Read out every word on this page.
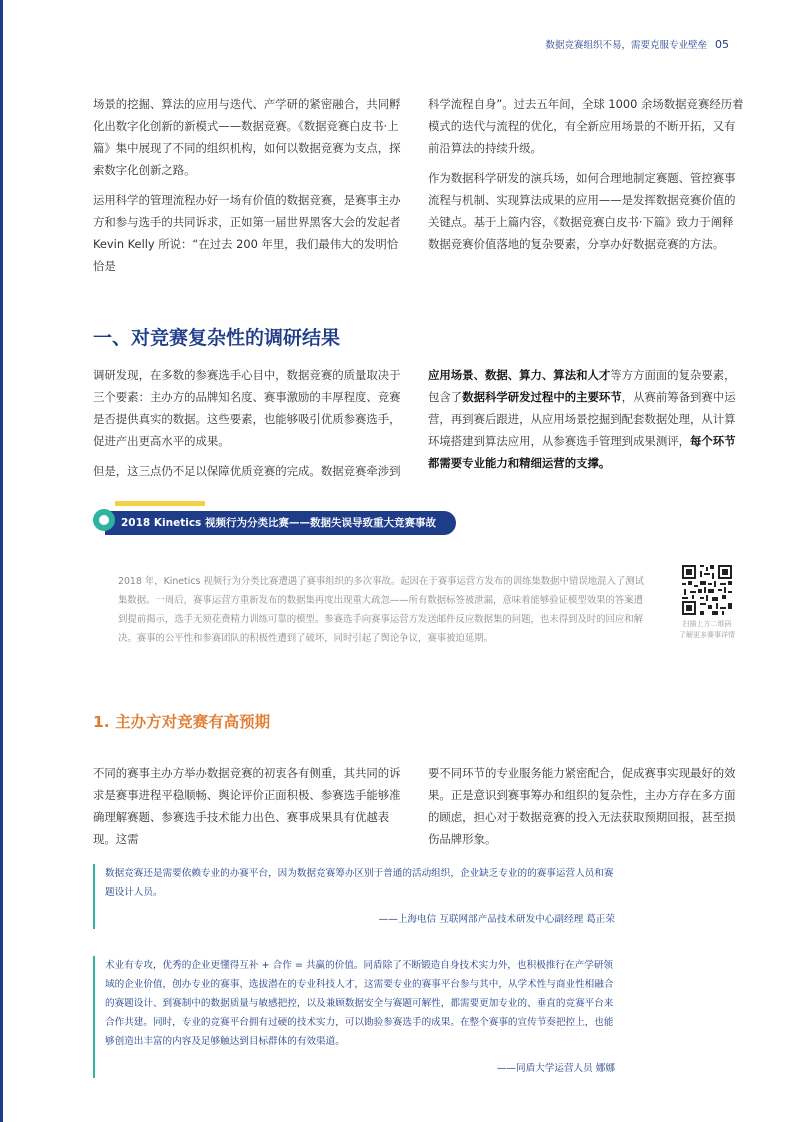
数据竞赛组织不易，需要克服专业壁垒 05

场景的挖掘、算法的应用与迭代、产学研的紧密融合，共同孵化出数字化创新的新模式——数据竞赛。《数据竞赛白皮书·上篇》集中展现了不同的组织机构，如何以数据竞赛为支点，探索数字化创新之路。

运用科学的管理流程办好一场有价值的数据竞赛，是赛事主办方和参与选手的共同诉求，正如第一届世界黑客大会的发起者 Kevin Kelly 所说：“在过去 200 年里，我们最伟大的发明恰恰是

科学流程自身”。过去五年间，全球 1000 余场数据竞赛经历着模式的迭代与流程的优化，有全新应用场景的不断开拓，又有前沿算法的持续升级。

作为数据科学研发的演兵场，如何合理地制定赛题、管控赛事流程与机制、实现算法成果的应用——是发挥数据竞赛价值的关键点。基于上篇内容，《数据竞赛白皮书·下篇》致力于阐释数据竞赛价值落地的复杂要素，分享办好数据竞赛的方法。

一、对竞赛复杂性的调研结果

调研发现，在多数的参赛选手心目中，数据竞赛的质量取决于三个要素：主办方的品牌知名度、赛事激励的丰厚程度、竞赛是否提供真实的数据。这些要素，也能够吸引优质参赛选手，促进产出更高水平的成果。

但是，这三点仍不足以保障优质竞赛的完成。数据竞赛牵涉到

应用场景、数据、算力、算法和人才等方方面面的复杂要素，包含了数据科学研发过程中的主要环节，从赛前筹备到赛中运营，再到赛后跟进，从应用场景挖掘到配套数据处理，从计算环境搭建到算法应用，从参赛选手管理到成果测评，每个环节都需要专业能力和精细运营的支撑。

2018 Kinetics 视频行为分类比赛——数据失误导致重大竞赛事故
2018 年，Kinetics 视频行为分类比赛遭遇了赛事组织的多次事故。起因在于赛事运营方发布的训练集数据中错误地混入了测试集数据。一周后，赛事运营方重新发布的数据集再度出现重大疏忽——所有数据标签被泄漏，意味着能够验证模型效果的答案遭到提前揭示，选手无须花费精力训练可靠的模型。参赛选手向赛事运营方发送邮件反应数据集的问题，也未得到及时的回应和解决。赛事的公平性和参赛团队的积极性遭到了破坏，同时引起了舆论争议，赛事被迫延期。
扫描上方二维码
了解更多赛事详情
1. 主办方对竞赛有高预期

不同的赛事主办方举办数据竞赛的初衷各有侧重，其共同的诉求是赛事进程平稳顺畅、舆论评价正面积极、参赛选手能够准确理解赛题、参赛选手技术能力出色、赛事成果具有优越表现。这需

要不同环节的专业服务能力紧密配合，促成赛事实现最好的效果。正是意识到赛事筹办和组织的复杂性，主办方存在多方面的顾虑，担心对于数据竞赛的投入无法获取预期回报，甚至损伤品牌形象。

数据竞赛还是需要依赖专业的办赛平台，因为数据竞赛筹办区别于普通的活动组织，企业缺乏专业的的赛事运营人员和赛题设计人员。

——上海电信 互联网部产品技术研发中心副经理 葛正荣

术业有专攻，优秀的企业更懂得互补 + 合作 = 共赢的价值。同盾除了不断锻造自身技术实力外，也积极推行在产学研领域的企业价值，创办专业的赛事、选拔潜在的专业科技人才，这需要专业的赛事平台参与其中，从学术性与商业性相融合的赛题设计、到赛制中的数据质量与敏感把控，以及兼顾数据安全与赛题可解性，都需要更加专业的、垂直的竞赛平台来合作共建。同时，专业的竞赛平台拥有过硬的技术实力，可以勘验参赛选手的成果。在整个赛事的宣传节奏把控上，也能够创造出丰富的内容及足够触达到目标群体的有效渠道。

——同盾大学运营人员 娜娜
